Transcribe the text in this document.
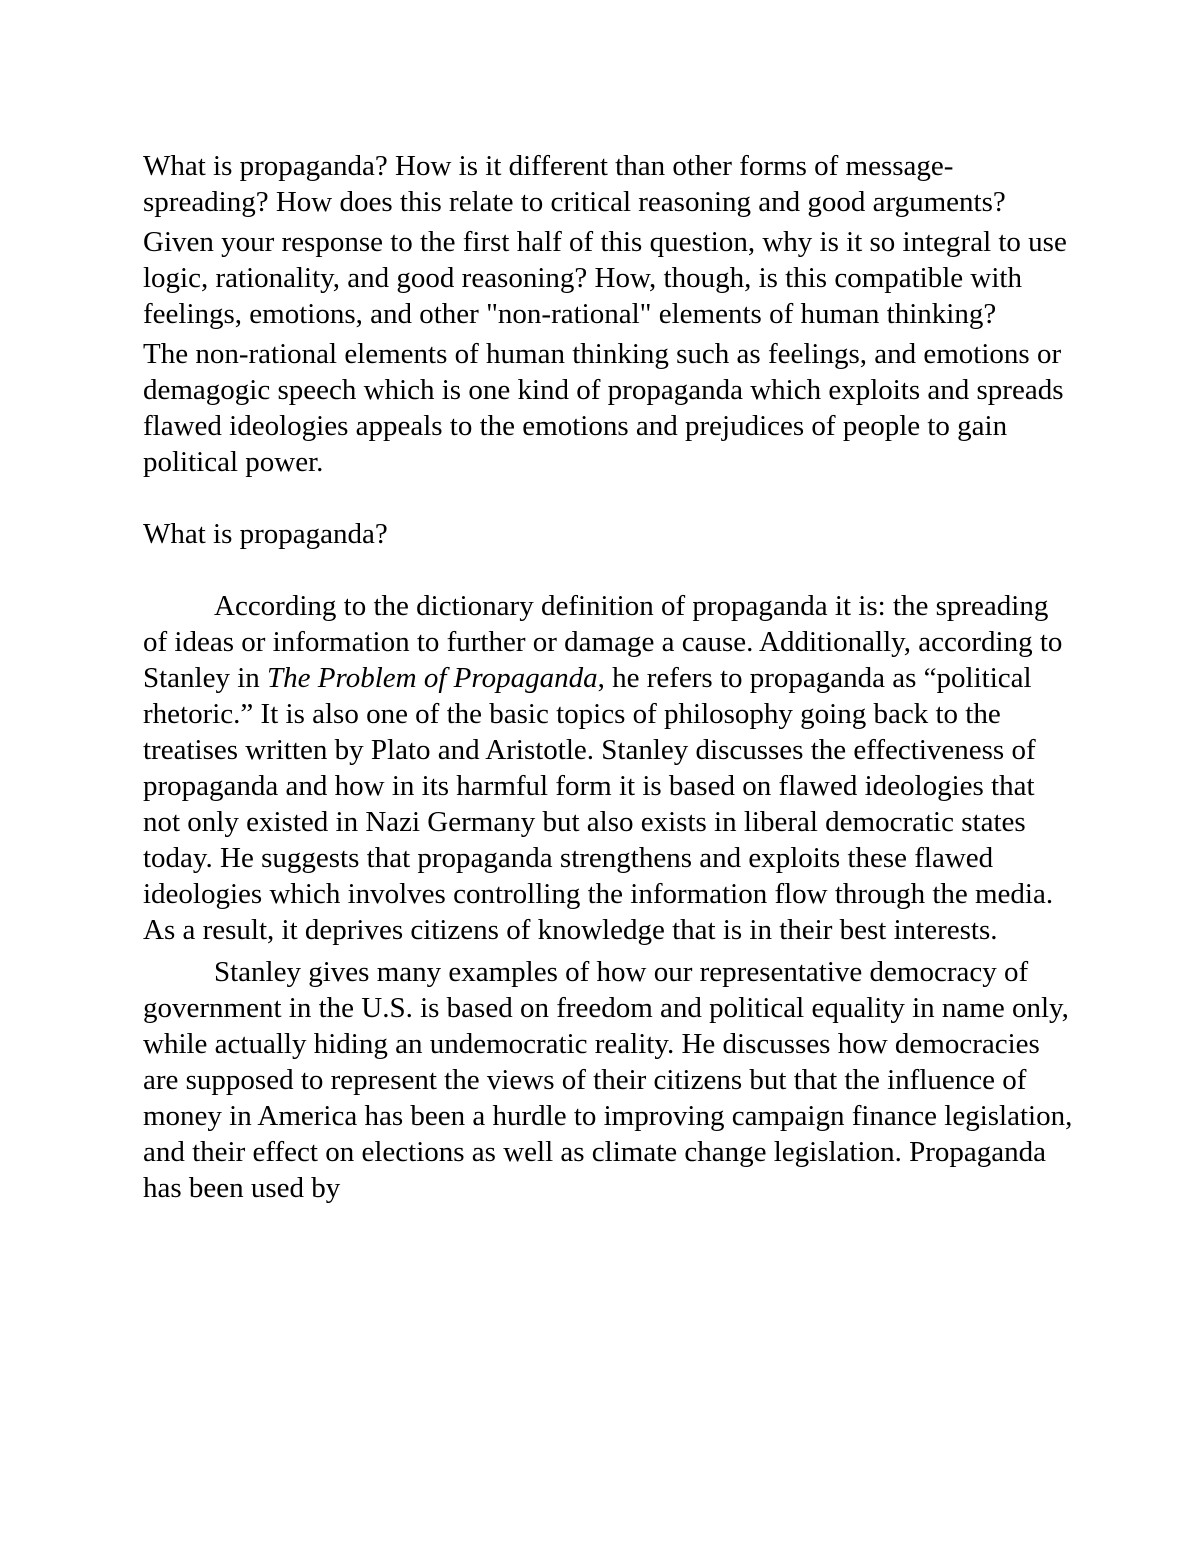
What is propaganda? How is it different than other forms of message-spreading? How does this relate to critical reasoning and good arguments?

Given your response to the first half of this question, why is it so integral to use logic, rationality, and good reasoning? How, though, is this compatible with feelings, emotions, and other "non-rational" elements of human thinking?

The non-rational elements of human thinking such as feelings, and emotions or demagogic speech which is one kind of propaganda which exploits and spreads flawed ideologies appeals to the emotions and prejudices of people to gain political power.

What is propaganda?

According to the dictionary definition of propaganda it is: the spreading of ideas or information to further or damage a cause. Additionally, according to Stanley in The Problem of Propaganda, he refers to propaganda as “political rhetoric.” It is also one of the basic topics of philosophy going back to the treatises written by Plato and Aristotle. Stanley discusses the effectiveness of propaganda and how in its harmful form it is based on flawed ideologies that not only existed in Nazi Germany but also exists in liberal democratic states today. He suggests that propaganda strengthens and exploits these flawed ideologies which involves controlling the information flow through the media. As a result, it deprives citizens of knowledge that is in their best interests.

Stanley gives many examples of how our representative democracy of government in the U.S. is based on freedom and political equality in name only, while actually hiding an undemocratic reality. He discusses how democracies are supposed to represent the views of their citizens but that the influence of money in America has been a hurdle to improving campaign finance legislation, and their effect on elections as well as climate change legislation. Propaganda has been used by
